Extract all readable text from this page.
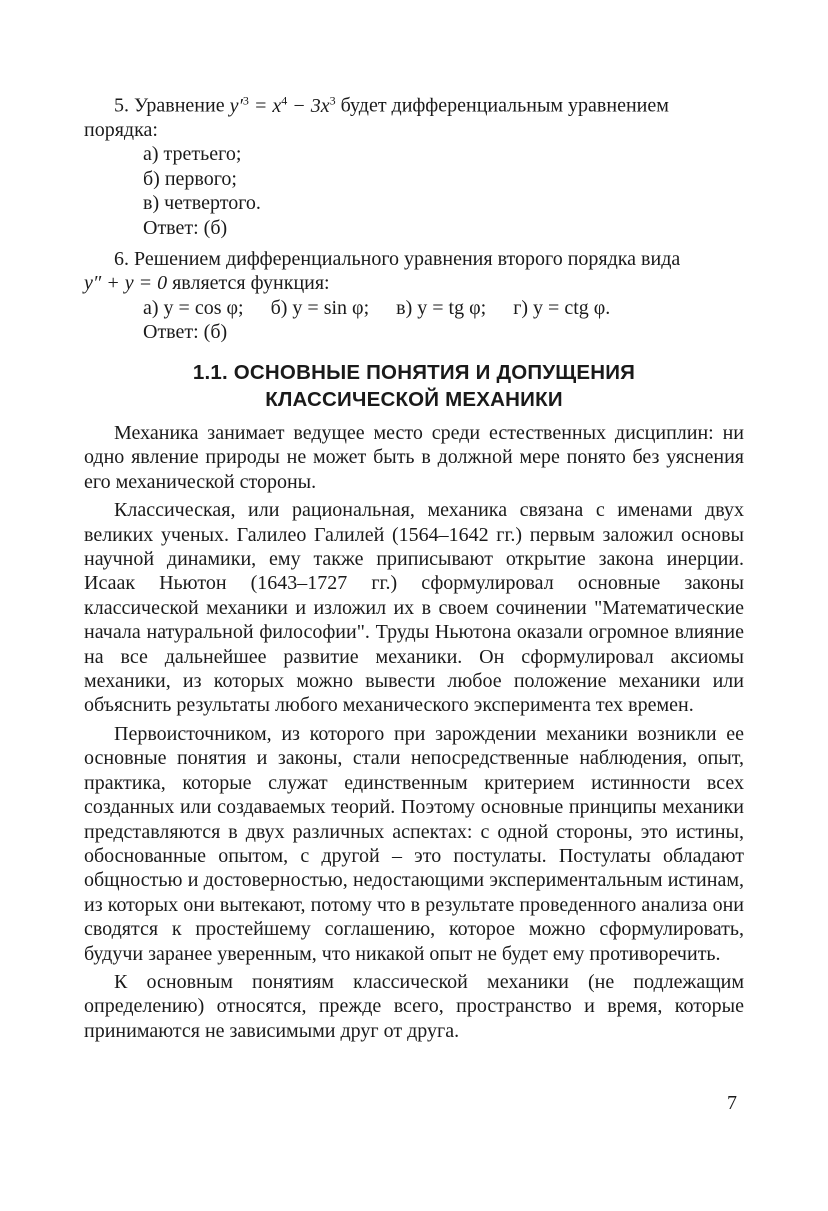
5. Уравнение $y'^3 = x^4 - 3x^3$ будет дифференциальным уравнением

порядка:

а) третьего;

б) первого;

в) четвертого.

Ответ: (б)

6. Решением дифференциального уравнения второго порядка вида

y″ + y = 0 является функция:

а) y = cos φ; б) y = sin φ; в) y = tg φ; г) y = ctg φ.

Ответ: (б)

1.1. ОСНОВНЫЕ ПОНЯТИЯ И ДОПУЩЕНИЯ

КЛАССИЧЕСКОЙ МЕХАНИКИ

Механика занимает ведущее место среди естественных дисциплин: ни одно явление природы не может быть в должной мере понято без уяснения его механической стороны.

Классическая, или рациональная, механика связана с именами двух великих ученых. Галилео Галилей (1564–1642 гг.) первым заложил основы научной динамики, ему также приписывают открытие закона инерции. Исаак Ньютон (1643–1727 гг.) сформулировал основные законы классической механики и изложил их в своем сочинении "Математические начала натуральной философии". Труды Ньютона оказали огромное влияние на все дальнейшее развитие механики. Он сформулировал аксиомы механики, из которых можно вывести любое положение механики или объяснить результаты любого механического эксперимента тех времен.

Первоисточником, из которого при зарождении механики возникли ее основные понятия и законы, стали непосредственные наблюдения, опыт, практика, которые служат единственным критерием истинности всех созданных или создаваемых теорий. Поэтому основные принципы механики представляются в двух различных аспектах: с одной стороны, это истины, обоснованные опытом, с другой – это постулаты. Постулаты обладают общностью и достоверностью, недостающими экспериментальным истинам, из которых они вытекают, потому что в результате проведенного анализа они сводятся к простейшему соглашению, которое можно сформулировать, будучи заранее уверенным, что никакой опыт не будет ему противоречить.

К основным понятиям классической механики (не подлежащим определению) относятся, прежде всего, пространство и время, которые принимаются не зависимыми друг от друга.

7
